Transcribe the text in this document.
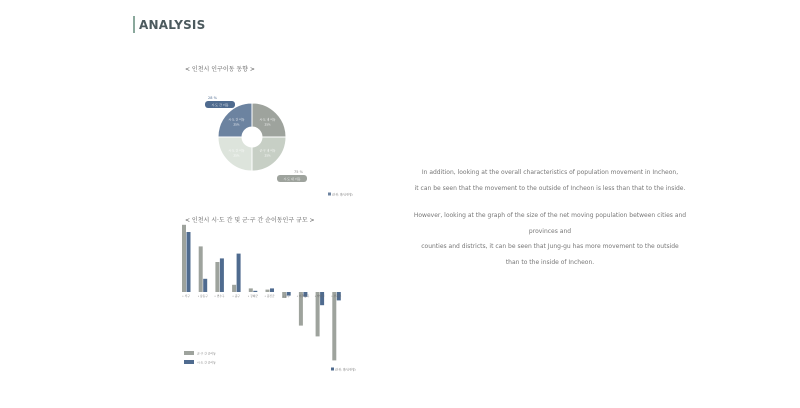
ANALYSIS
< 인천시 인구이동 동향 >
시·도 내 이동
25%
군·구 내 이동
25%
시·도 간 이동
25%
시·도 간 이동
25%
28 %
시·도 간 이동
75 %
시·도 내 이동
(단위: 명/년/천명)
< 인천시 시·도 간 및 군·구 간 순이동인구 규모 >
• 서구	• 남동구 • 연수구	• 중구	• 강화군 • 옹진군	• 동구 • 미추홀구 • 계양구 • 부평구
군·구 간 순이동
시·도 간 순이동
(단위: 명/년/천명)

In addition, looking at the overall characteristics of population movement in Incheon,

it can be seen that the movement to the outside of Incheon is less than that to the inside.

However, looking at the graph of the size of the net moving population between cities and provinces and

counties and districts, it can be seen that Jung-gu has more movement to the outside

than to the inside of Incheon.
